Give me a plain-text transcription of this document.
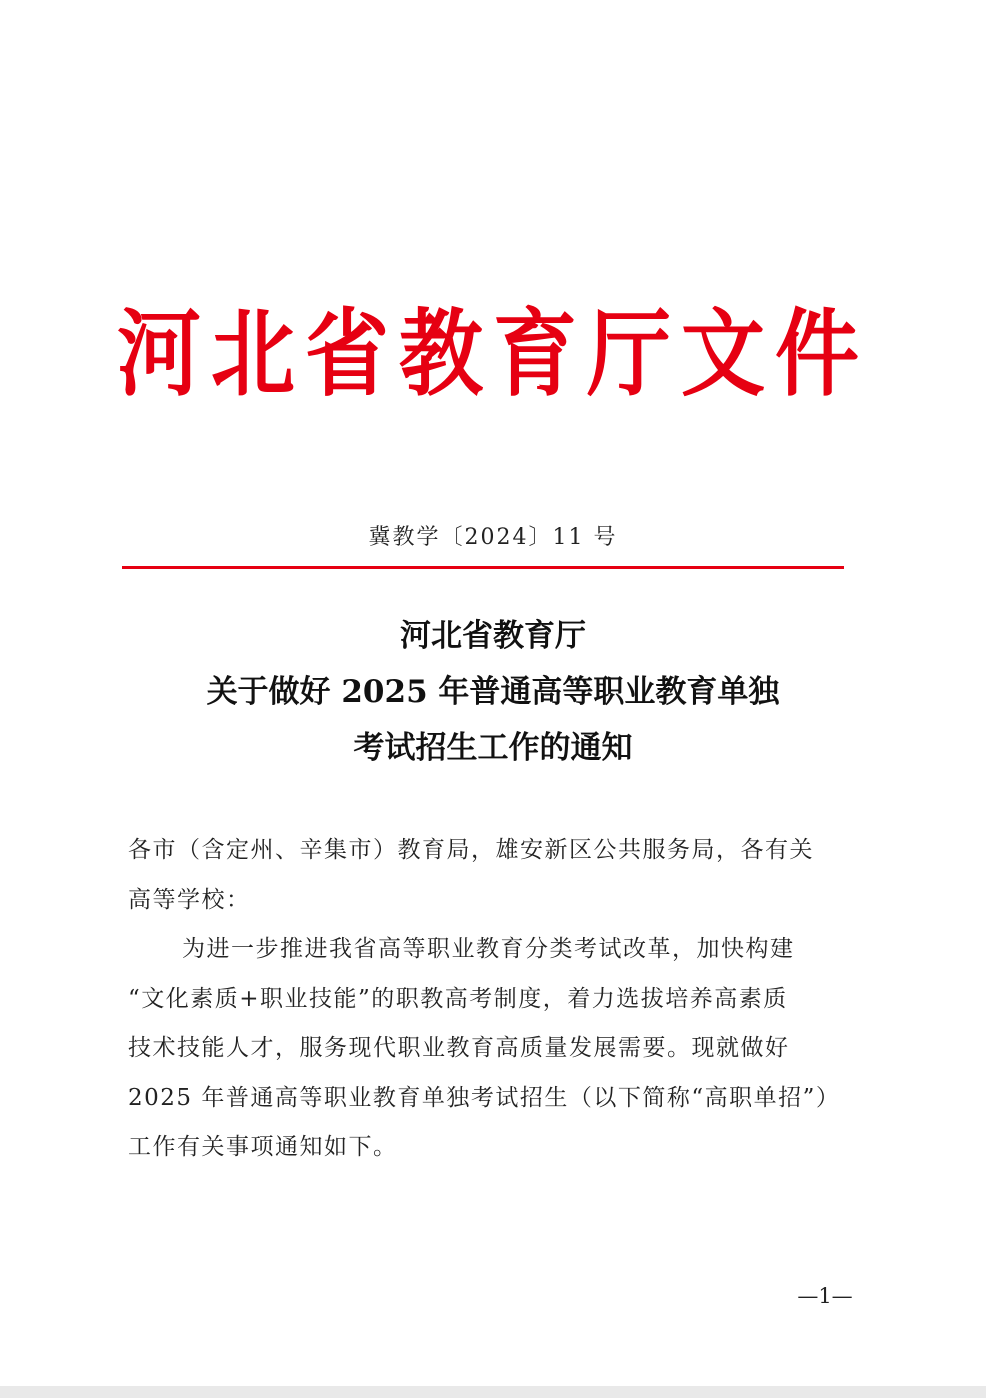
河北省教育厅文件
冀教学〔2024〕11 号
河北省教育厅
关于做好 2025 年普通高等职业教育单独
考试招生工作的通知
各市（含定州、辛集市）教育局，雄安新区公共服务局，各有关
高等学校：
为进一步推进我省高等职业教育分类考试改革，加快构建
“文化素质+职业技能”的职教高考制度，着力选拔培养高素质
技术技能人才，服务现代职业教育高质量发展需要。现就做好
2025 年普通高等职业教育单独考试招生（以下简称“高职单招”）
工作有关事项通知如下。
—1—
